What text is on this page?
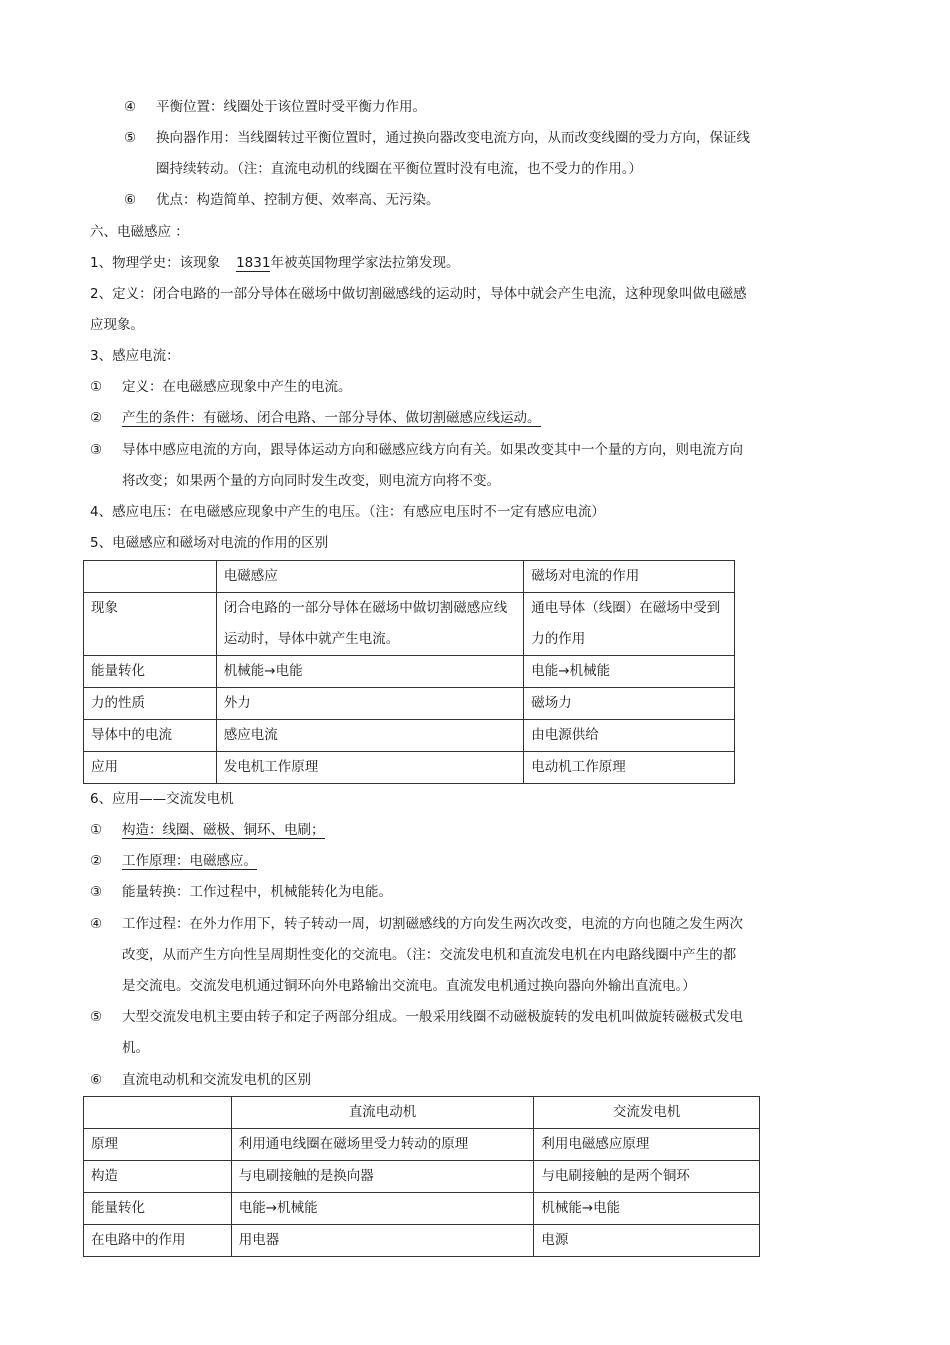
④ 平衡位置：线圈处于该位置时受平衡力作用。
⑤ 换向器作用：当线圈转过平衡位置时，通过换向器改变电流方向，从而改变线圈的受力方向，保证线
圈持续转动。（注：直流电动机的线圈在平衡位置时没有电流，也不受力的作用。）
⑥ 优点：构造简单、控制方便、效率高、无污染。
六、电磁感应 ：
1、物理学史：该现象 1831年被英国物理学家法拉第发现。
2、定义：闭合电路的一部分导体在磁场中做切割磁感线的运动时，导体中就会产生电流，这种现象叫做电磁感
应现象。
3、感应电流：
① 定义：在电磁感应现象中产生的电流。
② 产生的条件：有磁场、闭合电路、一部分导体、做切割磁感应线运动。
③ 导体中感应电流的方向，跟导体运动方向和磁感应线方向有关。如果改变其中一个量的方向，则电流方向
将改变；如果两个量的方向同时发生改变，则电流方向将不变。
4、感应电压：在电磁感应现象中产生的电压。（注：有感应电压时不一定有感应电流）
5、电磁感应和磁场对电流的作用的区别
	电磁感应	磁场对电流的作用
现象	闭合电路的一部分导体在磁场中做切割磁感应线运动时，导体中就产生电流。	通电导体（线圈）在磁场中受到力的作用
能量转化	机械能→电能	电能→机械能
力的性质	外力	磁场力
导体中的电流	感应电流	由电源供给
应用	发电机工作原理	电动机工作原理
6、应用——交流发电机
① 构造：线圈、磁极、铜环、电刷；
② 工作原理：电磁感应。
③ 能量转换：工作过程中，机械能转化为电能。
④ 工作过程：在外力作用下，转子转动一周，切割磁感线的方向发生两次改变，电流的方向也随之发生两次
改变，从而产生方向性呈周期性变化的交流电。（注：交流发电机和直流发电机在内电路线圈中产生的都
是交流电。交流发电机通过铜环向外电路输出交流电。直流发电机通过换向器向外输出直流电。）
⑤ 大型交流发电机主要由转子和定子两部分组成。一般采用线圈不动磁极旋转的发电机叫做旋转磁极式发电
机。
⑥ 直流电动机和交流发电机的区别
	直流电动机	交流发电机
原理	利用通电线圈在磁场里受力转动的原理	利用电磁感应原理
构造	与电刷接触的是换向器	与电刷接触的是两个铜环
能量转化	电能→机械能	机械能→电能
在电路中的作用	用电器	电源
